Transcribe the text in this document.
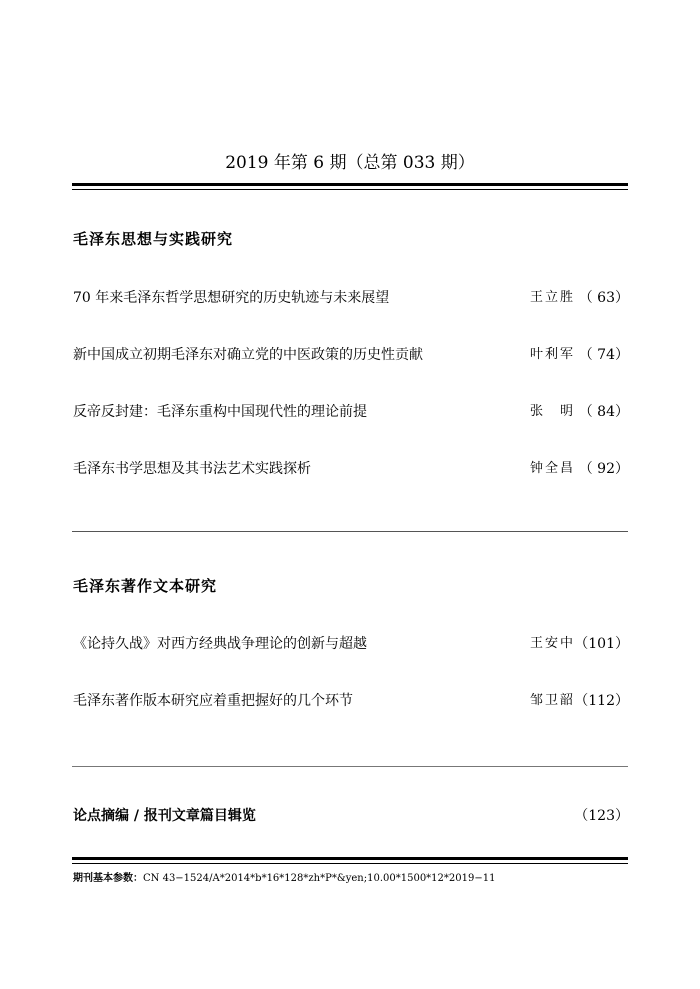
2019 年第 6 期（总第 033 期）
毛泽东思想与实践研究
70 年来毛泽东哲学思想研究的历史轨迹与未来展望	王立胜 （ 63）
新中国成立初期毛泽东对确立党的中医政策的历史性贡献	叶利军 （ 74）
反帝反封建：毛泽东重构中国现代性的理论前提	张　明 （ 84）
毛泽东书学思想及其书法艺术实践探析	钟全昌 （ 92）
毛泽东著作文本研究
《论持久战》对西方经典战争理论的创新与超越	王安中 （101）
毛泽东著作版本研究应着重把握好的几个环节	邹卫韶 （112）
论点摘编 / 报刊文章篇目辑览	（123）
期刊基本参数：CN 43−1524/A*2014*b*16*128*zh*P*&yen;10.00*1500*12*2019−11
